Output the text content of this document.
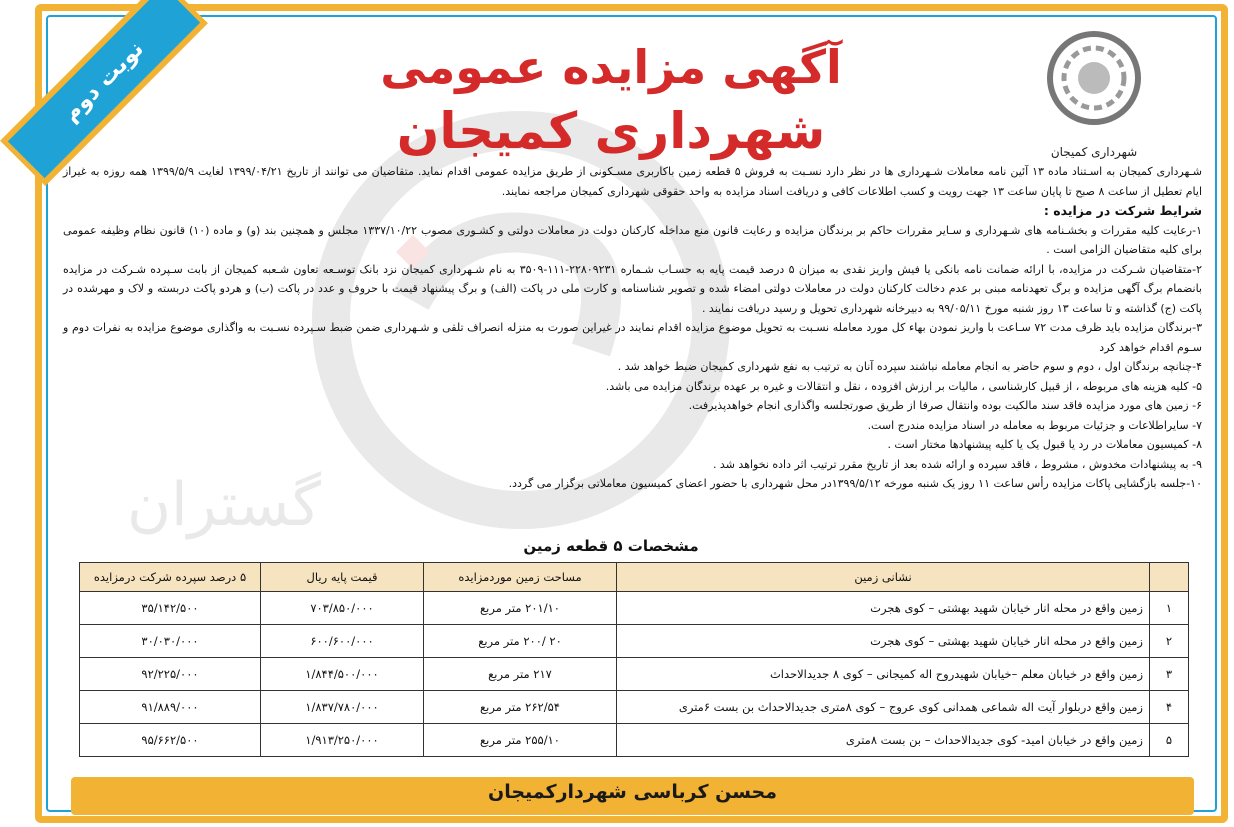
نوبت دوم
شهرداری کمیجان
آگهی مزایده عمومی
شهرداری کمیجان

شـهرداری کمیجان به اسـتناد ماده ۱۳ آئین نامه معاملات شـهرداری ها در نظر دارد نسـبت به فروش ۵ قطعه زمین باکاربری مسـکونی از طریق مزایده عمومی اقدام نماید. متقاضیان می توانند از تاریخ ۱۳۹۹/۰۴/۲۱ لغایت ۱۳۹۹/۵/۹ همه روزه به غیراز ایام تعطیل از ساعت ۸ صبح تا پایان ساعت ۱۳ جهت رویت و کسب اطلاعات کافی و دریافت اسناد مزایده به واحد حقوقی شهرداری کمیجان مراجعه نمایند.

شرایط شرکت در مزایده :

۱-رعایت کلیه مقررات و بخشـنامه های شـهرداری و سـایر مقررات حاکم بر برندگان مزایده و رعایت قانون منع مداخله کارکنان دولت در معاملات دولتی و کشـوری مصوب ۱۳۳۷/۱۰/۲۲ مجلس و همچنین بند (و) و ماده (۱۰) قانون نظام وظیفه عمومی برای کلیه متقاضیان الزامی است .

۲-متقاضیان شـرکت در مزایده، با ارائه ضمانت نامه بانکی یا فیش واریز نقدی به میزان ۵ درصد قیمت پایه به حسـاب شـماره ۲۲۸۰۹۲۳۱-۱۱۱-۳۵۰۹ به نام شـهرداری کمیجان نزد بانک توسـعه تعاون شـعبه کمیجان از بابت سـپرده شـرکت در مزایده بانضمام برگ آگهی مزایده و برگ تعهدنامه مبنی بر عدم دخالت کارکنان دولت در معاملات دولتی امضاء شده و تصویر شناسنامه و کارت ملی در پاکت (الف) و برگ پیشنهاد قیمت با حروف و عدد در پاکت (ب) و هردو پاکت دربسته و لاک و مهرشده در پاکت (ج) گذاشته و تا ساعت ۱۳ روز شنبه مورخ ۹۹/۰۵/۱۱ به دبیرخانه شهرداری تحویل و رسید دریافت نمایند .

۳-برندگان مزایده باید ظرف مدت ۷۲ سـاعت با واریز نمودن بهاء کل مورد معامله نسـبت به تحویل موضوع مزایده اقدام نمایند در غیراین صورت به منزله انصراف تلقی و شـهرداری ضمن ضبط سـپرده نسـبت به واگذاری موضوع مزایده به نفرات دوم و سـوم اقدام خواهد کرد

۴-چنانچه برندگان اول ، دوم و سوم حاضر به انجام معامله نباشند سپرده آنان به ترتیب به نفع شهرداری کمیجان ضبط خواهد شد .

۵- کلیه هزینه های مربوطه ، از قبیل کارشناسی ، مالیات بر ارزش افزوده ، نقل و انتقالات و غیره بر عهده برندگان مزایده می باشد.

۶- زمین های مورد مزایده فاقد سند مالکیت بوده وانتقال صرفا از طریق صورتجلسه واگذاری انجام خواهدپذیرفت.

۷- سایراطلاعات و جزئیات مربوط به معامله در اسناد مزایده مندرج است.

۸- کمیسیون معاملات در رد یا قبول یک یا کلیه پیشنهادها مختار است .

۹- به پیشنهادات مخدوش ، مشروط ، فاقد سپرده و ارائه شده بعد از تاریخ مقرر ترتیب اثر داده نخواهد شد .

۱۰-جلسه بازگشایی پاکات مزایده رأس ساعت ۱۱ روز یک شنبه مورخه ۱۳۹۹/۵/۱۲در محل شهرداری با حضور اعضای کمیسیون معاملاتی برگزار می گردد.

مشخصات ۵ قطعه زمین
	نشانی زمین	مساحت زمین موردمزایده	قیمت پایه ریال	۵ درصد سپرده شرکت درمزایده
۱	زمین واقع در محله انار خیابان شهید بهشتی – کوی هجرت	۲۰۱/۱۰ متر مربع	۷۰۳/۸۵۰/۰۰۰	۳۵/۱۴۲/۵۰۰
۲	زمین واقع در محله انار خیابان شهید بهشتی – کوی هجرت	۲۰ /۲۰۰ متر مربع	۶۰۰/۶۰۰/۰۰۰	۳۰/۰۳۰/۰۰۰
۳	زمین واقع در خیابان معلم –خیابان شهیدروح اله کمیجانی – کوی ۸ جدیدالاحداث	۲۱۷ متر مربع	۱/۸۴۴/۵۰۰/۰۰۰	۹۲/۲۲۵/۰۰۰
۴	زمین واقع دربلوار آیت اله شماعی همدانی کوی عروج – کوی ۸متری جدیدالاحداث بن بست ۶متری	۲۶۲/۵۴ متر مربع	۱/۸۳۷/۷۸۰/۰۰۰	۹۱/۸۸۹/۰۰۰
۵	زمین واقع در خیابان امید- کوی جدیدالاحداث – بن بست ۸متری	۲۵۵/۱۰ متر مربع	۱/۹۱۳/۲۵۰/۰۰۰	۹۵/۶۶۲/۵۰۰
محسن کرباسی شهردارکمیجان
